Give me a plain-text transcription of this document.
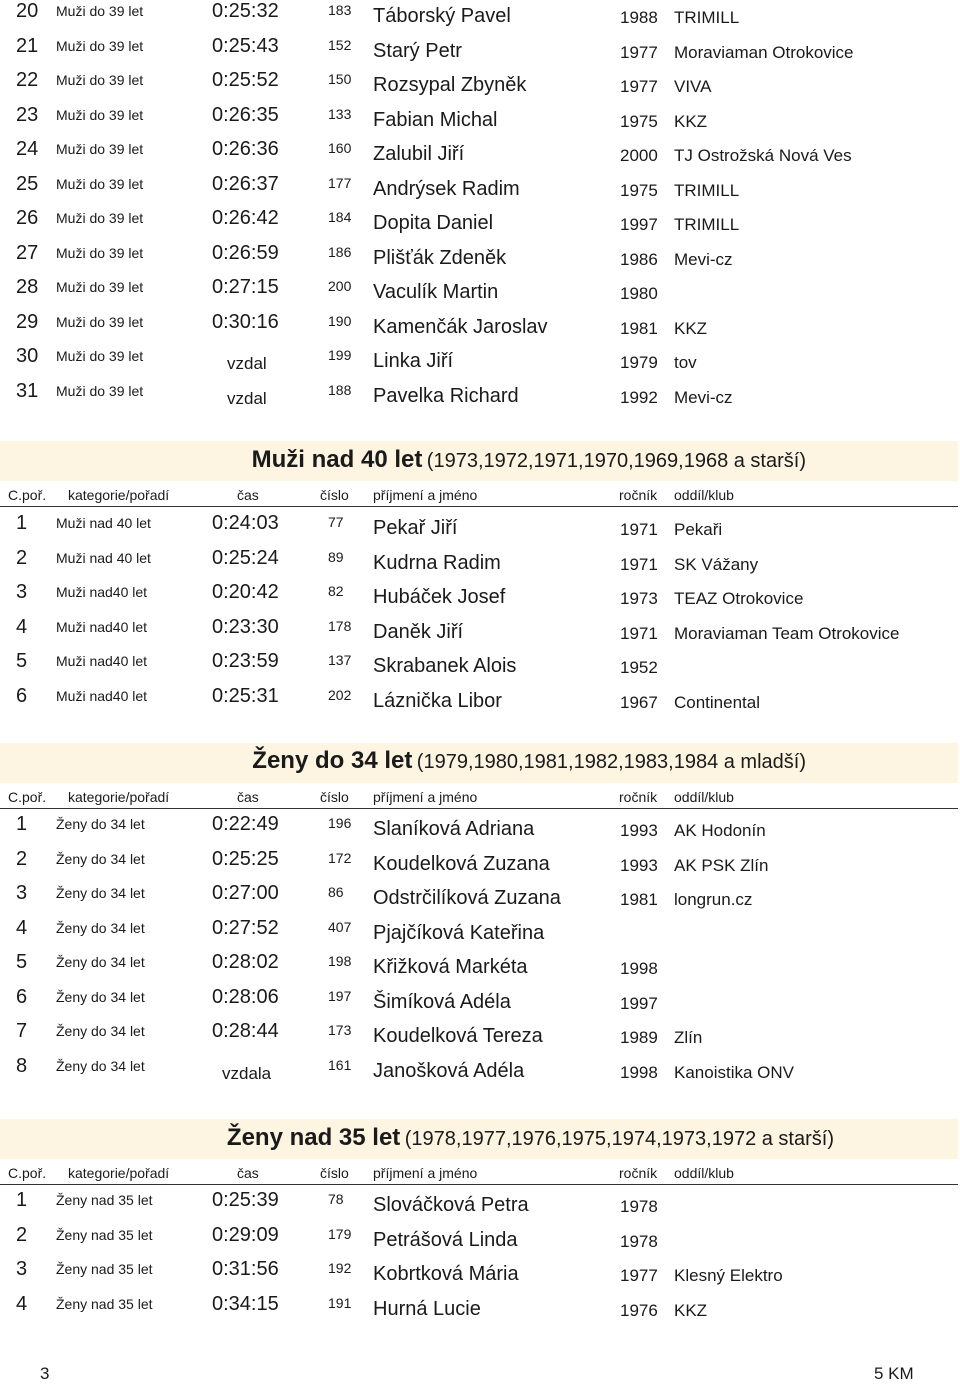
20 Muži do 39 let	0:25:32	183 Táborský Pavel	1988 TRIMILL
21 Muži do 39 let	0:25:43	152 Starý Petr	1977 Moraviaman Otrokovice
22 Muži do 39 let	0:25:52	150 Rozsypal Zbyněk	1977 VIVA
23 Muži do 39 let	0:26:35	133 Fabian Michal	1975 KKZ
24 Muži do 39 let	0:26:36	160 Zalubil Jiří	2000 TJ Ostrožská Nová Ves
25 Muži do 39 let	0:26:37	177 Andrýsek Radim	1975 TRIMILL
26 Muži do 39 let	0:26:42	184 Dopita Daniel	1997 TRIMILL
27 Muži do 39 let	0:26:59	186 Plišťák Zdeněk	1986 Mevi-cz
28 Muži do 39 let	0:27:15	200 Vaculík Martin	1980
29 Muži do 39 let	0:30:16	190 Kamenčák Jaroslav	1981 KKZ
30 Muži do 39 let	vzdal	199 Linka Jiří	1979 tov
31 Muži do 39 let	vzdal	188 Pavelka Richard	1992 Mevi-cz
Muži nad 40 let (1973,1972,1971,1970,1969,1968 a starší)
C.poř. kategorie/pořadí	čas	číslo příjmení a jméno	ročník oddíl/klub
1 Muži nad 40 let	0:24:03	77 Pekař Jiří	1971 Pekaři
2 Muži nad 40 let	0:25:24	89 Kudrna Radim	1971 SK Vážany
3 Muži nad40 let	0:20:42	82 Hubáček Josef	1973 TEAZ Otrokovice
4 Muži nad40 let	0:23:30	178 Daněk Jiří	1971 Moraviaman Team Otrokovice
5 Muži nad40 let	0:23:59	137 Skrabanek Alois	1952
6 Muži nad40 let	0:25:31	202 Láznička Libor	1967 Continental
Ženy do 34 let (1979,1980,1981,1982,1983,1984 a mladší)
C.poř. kategorie/pořadí	čas	číslo příjmení a jméno	ročník oddíl/klub
1 Ženy do 34 let	0:22:49	196 Slaníková Adriana	1993 AK Hodonín
2 Ženy do 34 let	0:25:25	172 Koudelková Zuzana	1993 AK PSK Zlín
3 Ženy do 34 let	0:27:00	86 Odstrčilíková Zuzana	1981 longrun.cz
4 Ženy do 34 let	0:27:52	407 Pjajčíková Kateřina
5 Ženy do 34 let	0:28:02	198 Křižková Markéta	1998
6 Ženy do 34 let	0:28:06	197 Šimíková Adéla	1997
7 Ženy do 34 let	0:28:44	173 Koudelková Tereza	1989 Zlín
8 Ženy do 34 let	vzdala	161 Janošková Adéla	1998 Kanoistika ONV
Ženy nad 35 let (1978,1977,1976,1975,1974,1973,1972 a starší)
C.poř. kategorie/pořadí	čas	číslo příjmení a jméno	ročník oddíl/klub
1 Ženy nad 35 let	0:25:39	78 Slováčková Petra	1978
2 Ženy nad 35 let	0:29:09	179 Petrášová Linda	1978
3 Ženy nad 35 let	0:31:56	192 Kobrtková Mária	1977 Klesný Elektro
4 Ženy nad 35 let	0:34:15	191 Hurná Lucie	1976 KKZ
3	5 KM
